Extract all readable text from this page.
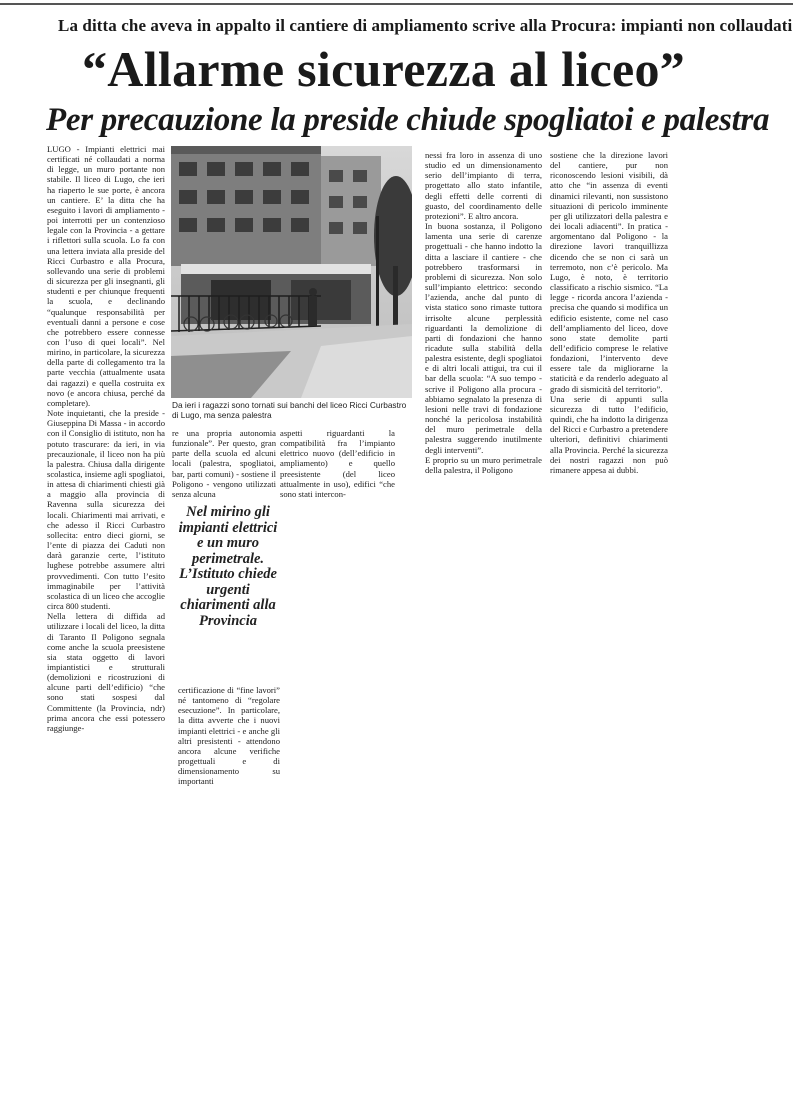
La ditta che aveva in appalto il cantiere di ampliamento scrive alla Procura: impianti non collaudati
“Allarme sicurezza al liceo”
Per precauzione la preside chiude spogliatoi e palestra

LUGO - Impianti elettrici mai certificati né collaudati a norma di legge, un muro portante non stabile. Il liceo di Lugo, che ieri ha riaperto le sue porte, è ancora un cantiere. E’ la ditta che ha eseguito i lavori di ampliamento - poi interrotti per un contenzioso legale con la Provincia - a gettare i riflettori sulla scuola. Lo fa con una lettera inviata alla preside del Ricci Curbastro e alla Procura, sollevando una serie di problemi di sicurezza per gli insegnanti, gli studenti e per chiunque frequenti la scuola, e declinando “qualunque responsabilità per eventuali danni a persone e cose che potrebbero essere connesse con l’uso di quei locali”. Nel mirino, in particolare, la sicurezza della parte di collegamento tra la parte vecchia (attualmente usata dai ragazzi) e quella costruita ex novo (e ancora chiusa, perché da completare).

Note inquietanti, che la preside - Giuseppina Di Massa - in accordo con il Consiglio di istituto, non ha potuto trascurare: da ieri, in via precauzionale, il liceo non ha più la palestra. Chiusa dalla dirigente scolastica, insieme agli spogliatoi, in attesa di chiarimenti chiesti già a maggio alla provincia di Ravenna sulla sicurezza dei locali. Chiarimenti mai arrivati, e che adesso il Ricci Curbastro sollecita: entro dieci giorni, se l’ente di piazza dei Caduti non darà garanzie certe, l’istituto lughese potrebbe assumere altri provvedimenti. Con tutto l’esito immaginabile per l’attività scolastica di un liceo che accoglie circa 800 studenti.

Nella lettera di diffida ad utilizzare i locali del liceo, la ditta di Taranto Il Poligono segnala come anche la scuola preesistene sia stata oggetto di lavori impiantistici e strutturali (demolizioni e ricostruzioni di alcune parti dell’edificio) “che sono stati sospesi dal Committente (la Provincia, ndr) prima ancora che essi potessero raggiunge-

Da ieri i ragazzi sono tornati sui banchi del liceo Ricci Curbastro di Lugo, ma senza palestra

re una propria autonomia funzionale”. Per questo, gran parte della scuola ed alcuni locali (palestra, spogliatoi, bar, parti comuni) - sostiene il Poligono - vengono utilizzati senza alcuna

aspetti riguardanti la compatibilità fra l’impianto elettrico nuovo (dell’edificio in ampliamento) e quello preesistente (del liceo attualmente in uso), edifici “che sono stati intercon-

Nel mirino gli impianti elettrici e un muro perimetrale. L’Istituto chiede urgenti chiarimenti alla Provincia

certificazione di “fine lavori” né tantomeno di “regolare esecuzione”. In particolare, la ditta avverte che i nuovi impianti elettrici - e anche gli altri presistenti - attendono ancora alcune verifiche progettuali e di dimensionamento su importanti

nessi fra loro in assenza di uno studio ed un dimensionamento serio dell’impianto di terra, progettato allo stato infantile, degli effetti delle correnti di guasto, del coordinamento delle protezioni”. E altro ancora.

In buona sostanza, il Poligono lamenta una serie di carenze progettuali - che hanno indotto la ditta a lasciare il cantiere - che potrebbero trasformarsi in problemi di sicurezza. Non solo sull’impianto elettrico: secondo l’azienda, anche dal punto di vista statico sono rimaste tuttora irrisolte alcune perplessità riguardanti la demolizione di parti di fondazioni che hanno ricadute sulla stabilità della palestra esistente, degli spogliatoi e di altri locali attigui, tra cui il bar della scuola: “A suo tempo - scrive il Poligono alla procura - abbiamo segnalato la presenza di lesioni nelle travi di fondazione nonché la pericolosa instabilità del muro perimetrale della palestra suggerendo inutilmente degli interventi”.

E proprio su un muro perimetrale della palestra, il Poligono

sostiene che la direzione lavori del cantiere, pur non riconoscendo lesioni visibili, dà atto che “in assenza di eventi dinamici rilevanti, non sussistono situazioni di pericolo imminente per gli utilizzatori della palestra e dei locali adiacenti”. In pratica - argomentano dal Poligono - la direzione lavori tranquillizza dicendo che se non ci sarà un terremoto, non c’è pericolo. Ma Lugo, è noto, è territorio classificato a rischio sismico. “La legge - ricorda ancora l’azienda - precisa che quando si modifica un edificio esistente, come nel caso dell’ampliamento del liceo, dove sono state demolite parti dell’edificio comprese le relative fondazioni, l’intervento deve essere tale da migliorarne la staticità e da renderlo adeguato al grado di sismicità del territorio”.

Una serie di appunti sulla sicurezza di tutto l’edificio, quindi, che ha indotto la dirigenza del Ricci e Curbastro a pretendere ulteriori, definitivi chiarimenti alla Provincia. Perché la sicurezza dei nostri ragazzi non può rimanere appesa ai dubbi.
